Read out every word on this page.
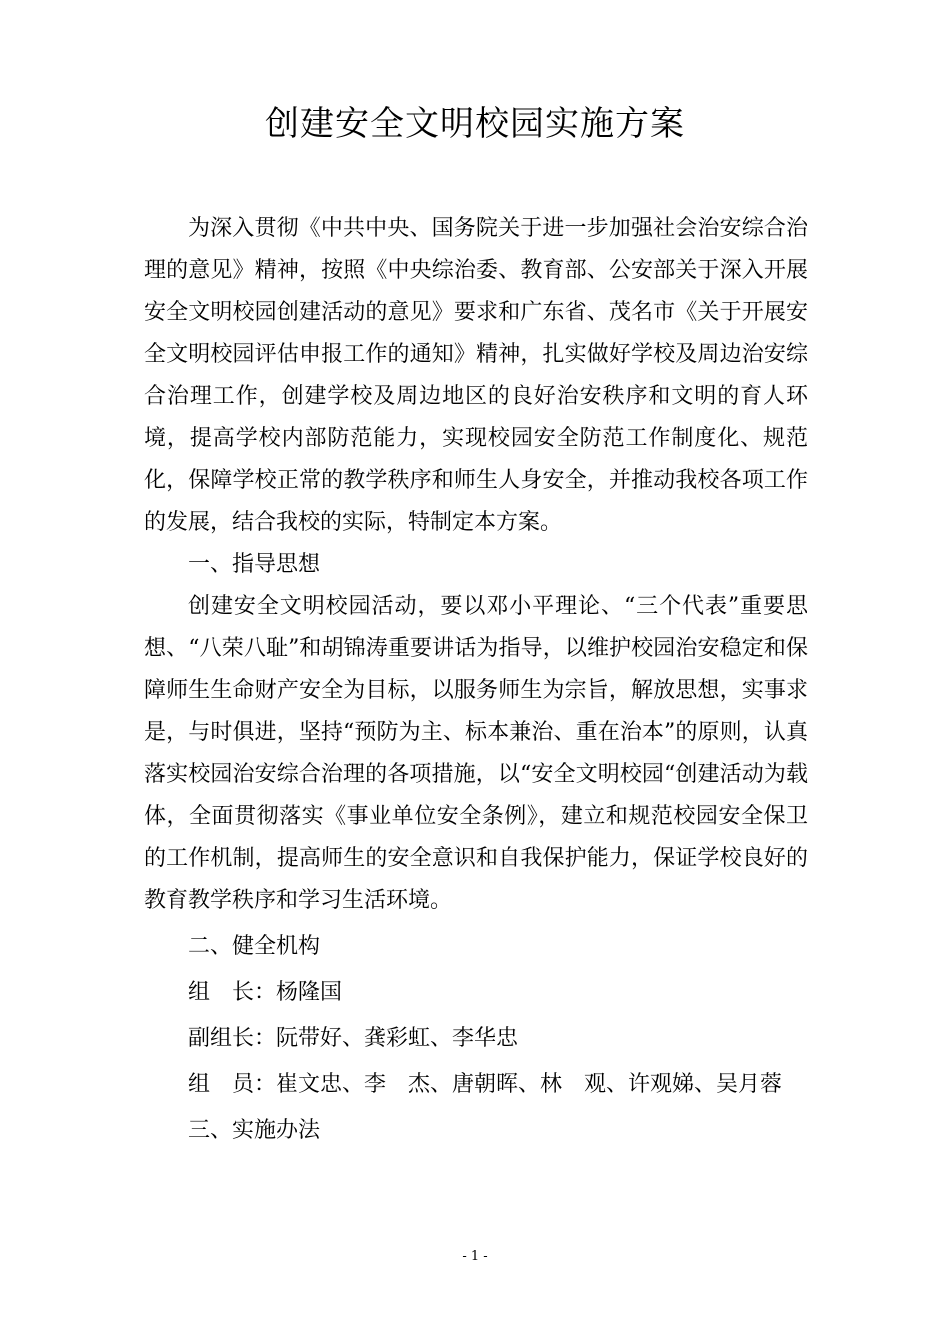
创建安全文明校园实施方案

为深入贯彻《中共中央、国务院关于进一步加强社会治安综合治理的意见》精神，按照《中央综治委、教育部、公安部关于深入开展安全文明校园创建活动的意见》要求和广东省、茂名市《关于开展安全文明校园评估申报工作的通知》精神，扎实做好学校及周边治安综合治理工作，创建学校及周边地区的良好治安秩序和文明的育人环境，提高学校内部防范能力，实现校园安全防范工作制度化、规范化，保障学校正常的教学秩序和师生人身安全，并推动我校各项工作的发展，结合我校的实际，特制定本方案。

一、指导思想

创建安全文明校园活动，要以邓小平理论、“三个代表”重要思想、“八荣八耻”和胡锦涛重要讲话为指导，以维护校园治安稳定和保障师生生命财产安全为目标，以服务师生为宗旨，解放思想，实事求是，与时俱进，坚持“预防为主、标本兼治、重在治本”的原则，认真落实校园治安综合治理的各项措施，以“安全文明校园“创建活动为载体，全面贯彻落实《事业单位安全条例》，建立和规范校园安全保卫的工作机制，提高师生的安全意识和自我保护能力，保证学校良好的教育教学秩序和学习生活环境。

二、健全机构

组　长：杨隆国

副组长：阮带好、龚彩虹、李华忠

组　员：崔文忠、李　杰、唐朝晖、林　观、许观娣、吴月蓉

三、实施办法

- 1 -
